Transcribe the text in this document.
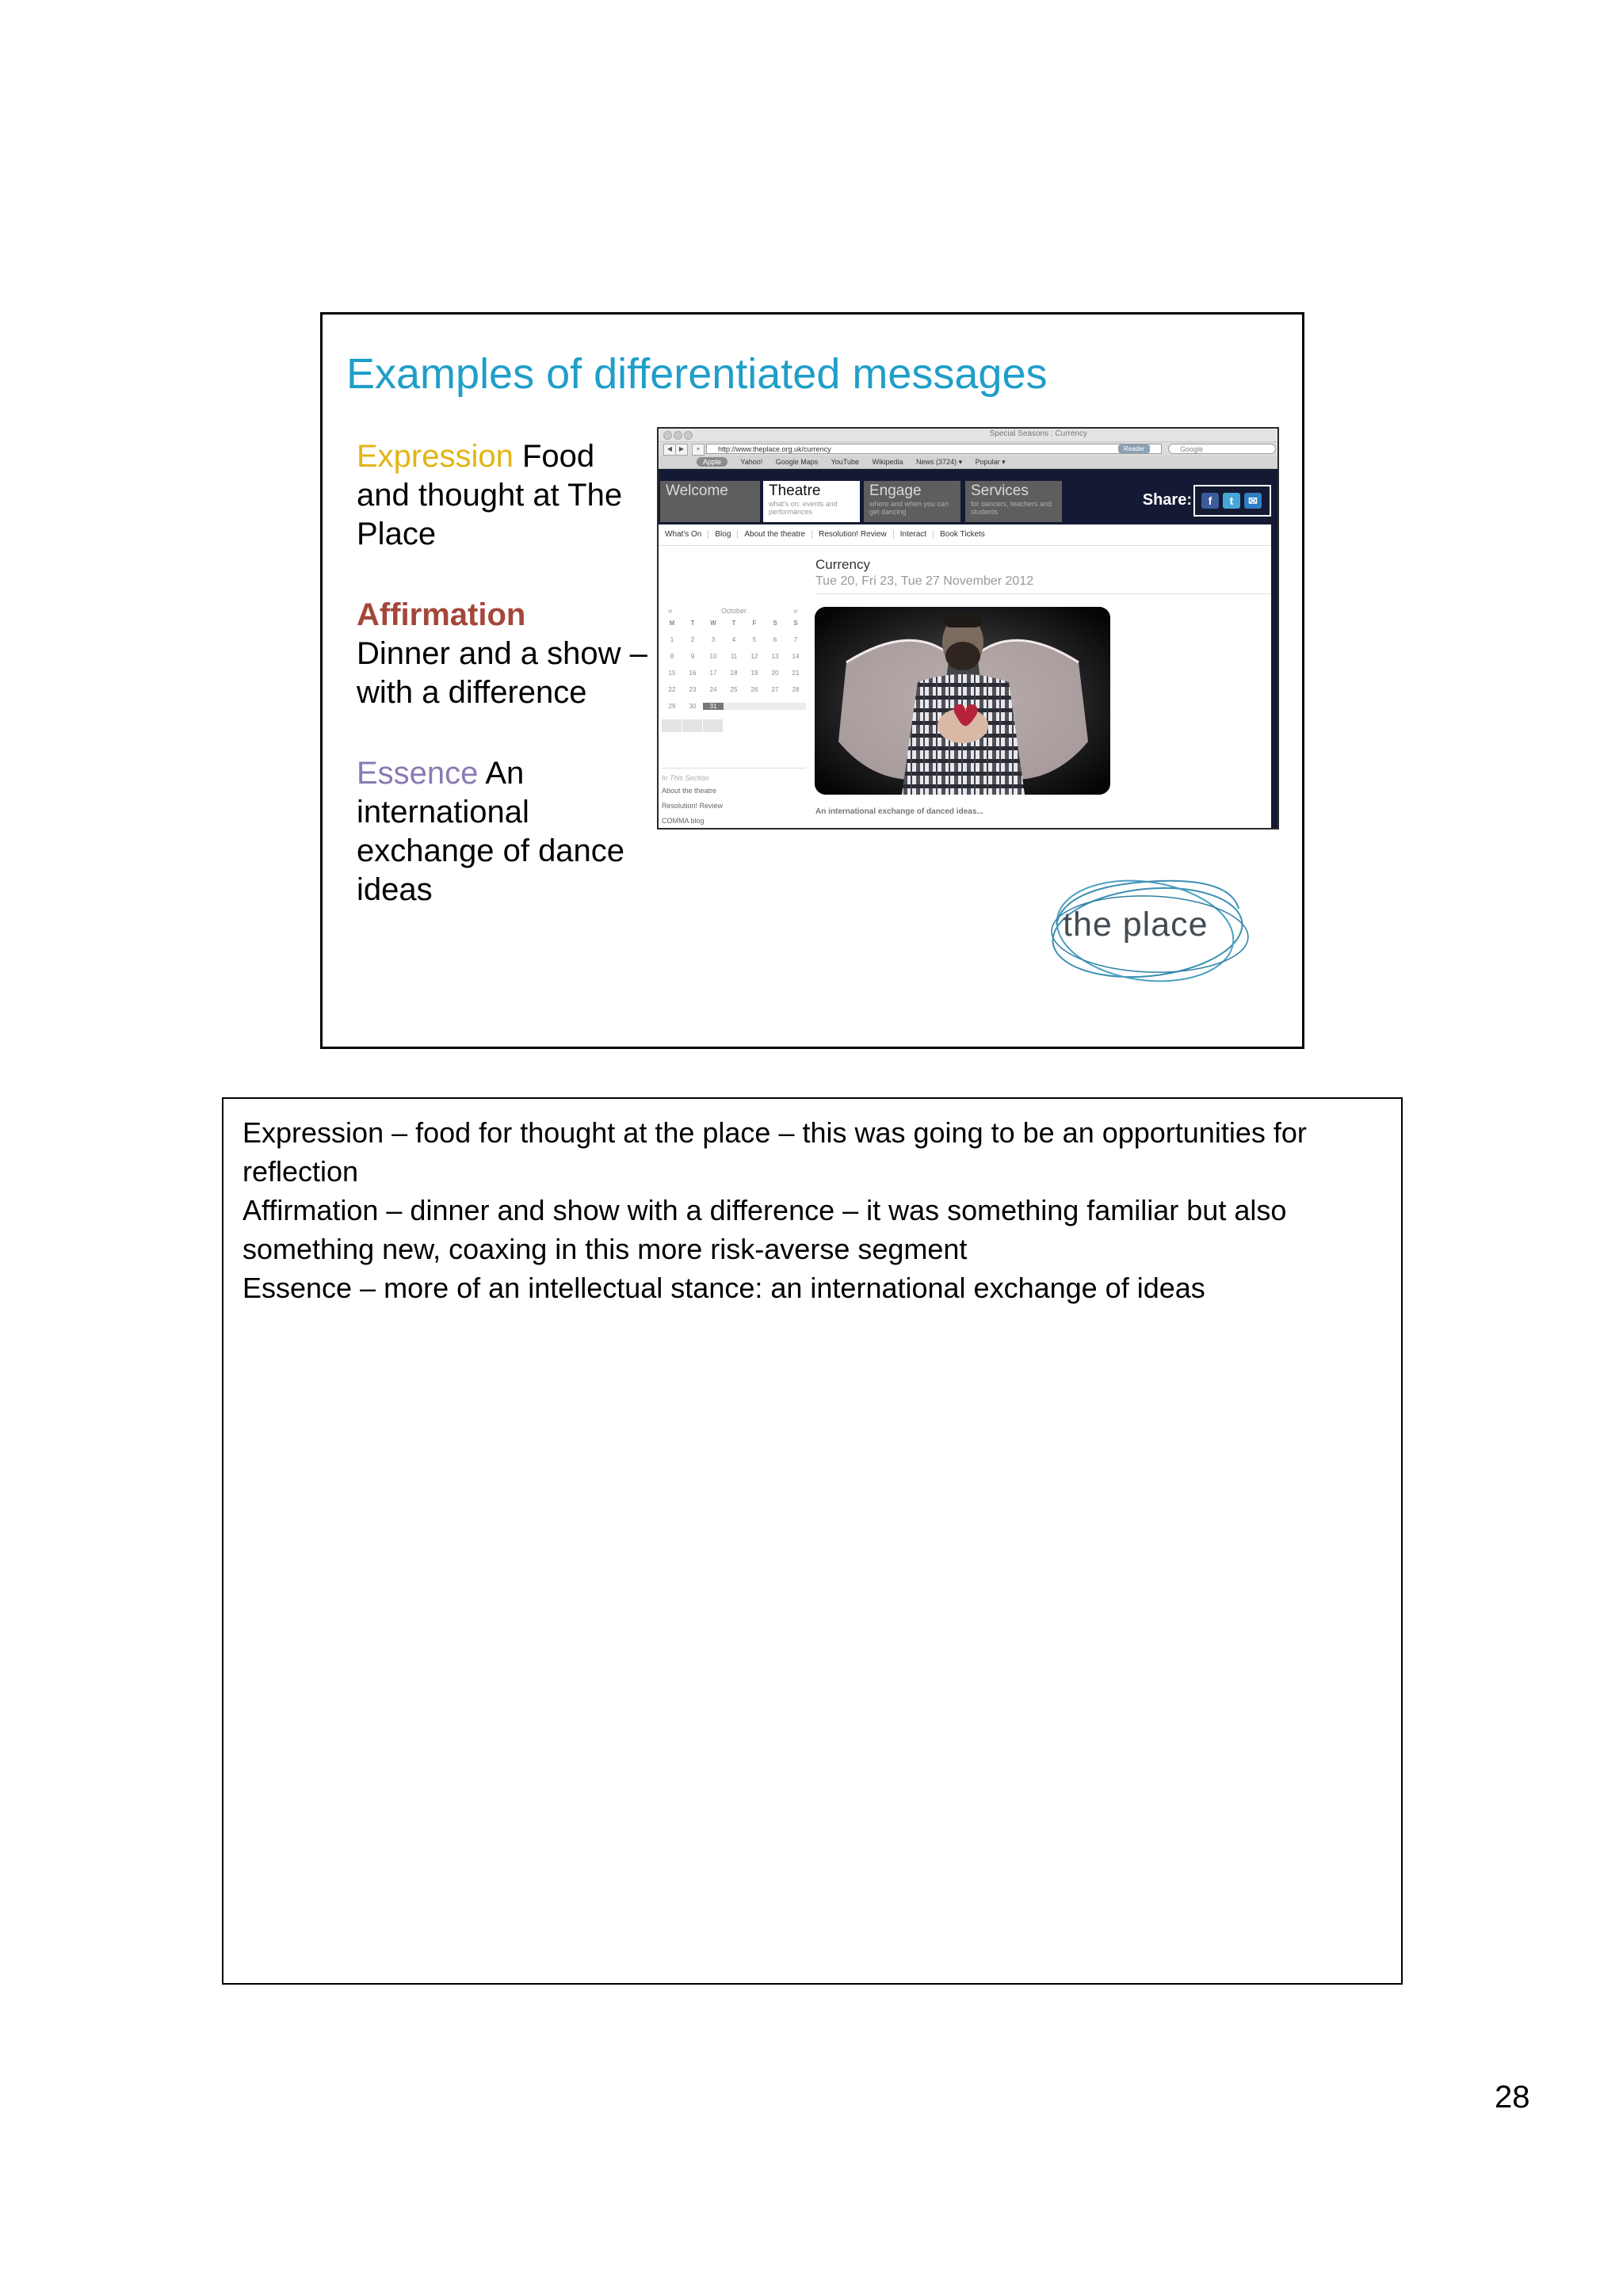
Examples of differentiated messages
Expression Food and thought at The Place
Affirmation
Dinner and a show – with a difference
Essence An international exchange of dance ideas
Special Seasons : Currency
◀	▶	+	http://www.theplace.org.uk/currency	Reader	Google
Apple	Yahoo! Google Maps YouTube Wikipedia News (3724) ▾ Popular ▾
Welcome	Theatre
what's on: events and performances
Engage
where and when you can get dancing
Services
for dancers, teachers and students
Share:	f	t	✉
What's On Blog About the theatre Resolution! Review Interact Book Tickets
Currency
Tue 20, Fri 23, Tue 27 November 2012
«	October	»
M	T W T	F	S	S
1	2	3	4	5	6	7
8	9 10 11 12 13 14
15 16 17 18 19 20 21
22 23 24 25 26 27 28
29 30 31
In This Section
About the theatre
Resolution! Review
COMMA blog
An international exchange of danced ideas...
the place
Expression – food for thought at the place – this was going to be an opportunities for reflection
Affirmation – dinner and show with a difference – it was something familiar but also something new, coaxing in this more risk-averse segment
Essence – more of an intellectual stance: an international exchange of ideas
28
